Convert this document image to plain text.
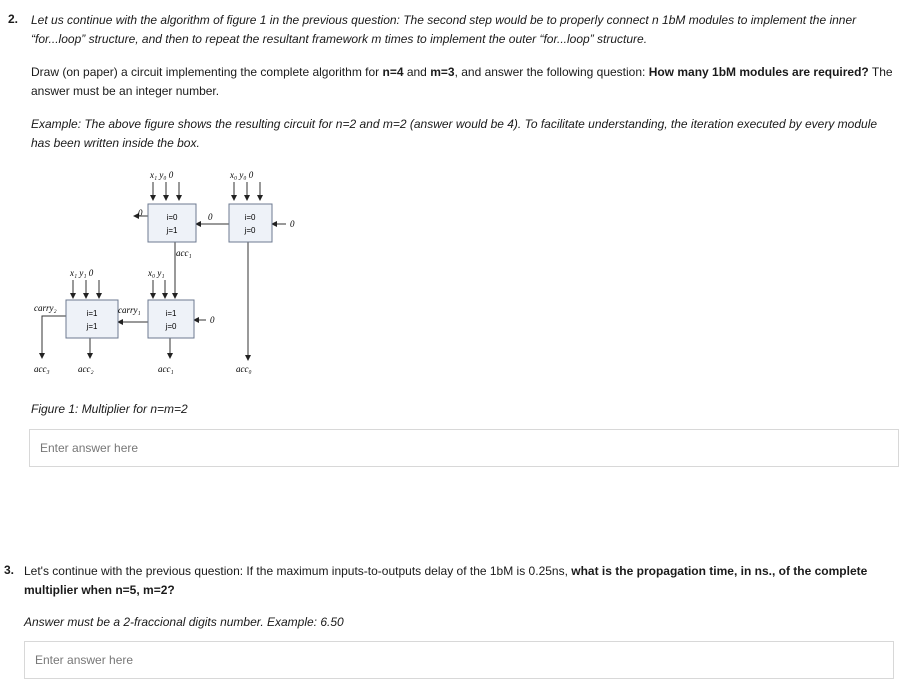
2. Let us continue with the algorithm of figure 1 in the previous question: The second step would be to properly connect n 1bM modules to implement the inner
“for...loop” structure, and then to repeat the resultant framework m times to implement the outer “for...loop” structure.
Draw (on paper) a circuit implementing the complete algorithm for n=4 and m=3, and answer the following question: How many 1bM modules are required? The
answer must be an integer number.
Example: The above figure shows the resulting circuit for n=2 and m=2 (answer would be 4). To facilitate understanding, the iteration executed by every module
has been written inside the box.
i=0
j=1
i=0
j=0
i=1
j=1
i=1
j=0
x₁ y₀ 0	x₀ y₀ 0
x₁ y₁ 0	x₀ y₁
0	0
0
0
acc₁
carry₂	carry₁
acc₃	acc₂	acc₁	acc₀
Figure 1: Multiplier for n=m=2
Enter answer here
3. Let's continue with the previous question: If the maximum inputs-to-outputs delay of the 1bM is 0.25ns, what is the propagation time, in ns., of the complete
multiplier when n=5, m=2?
Answer must be a 2-fraccional digits number. Example: 6.50
Enter answer here
